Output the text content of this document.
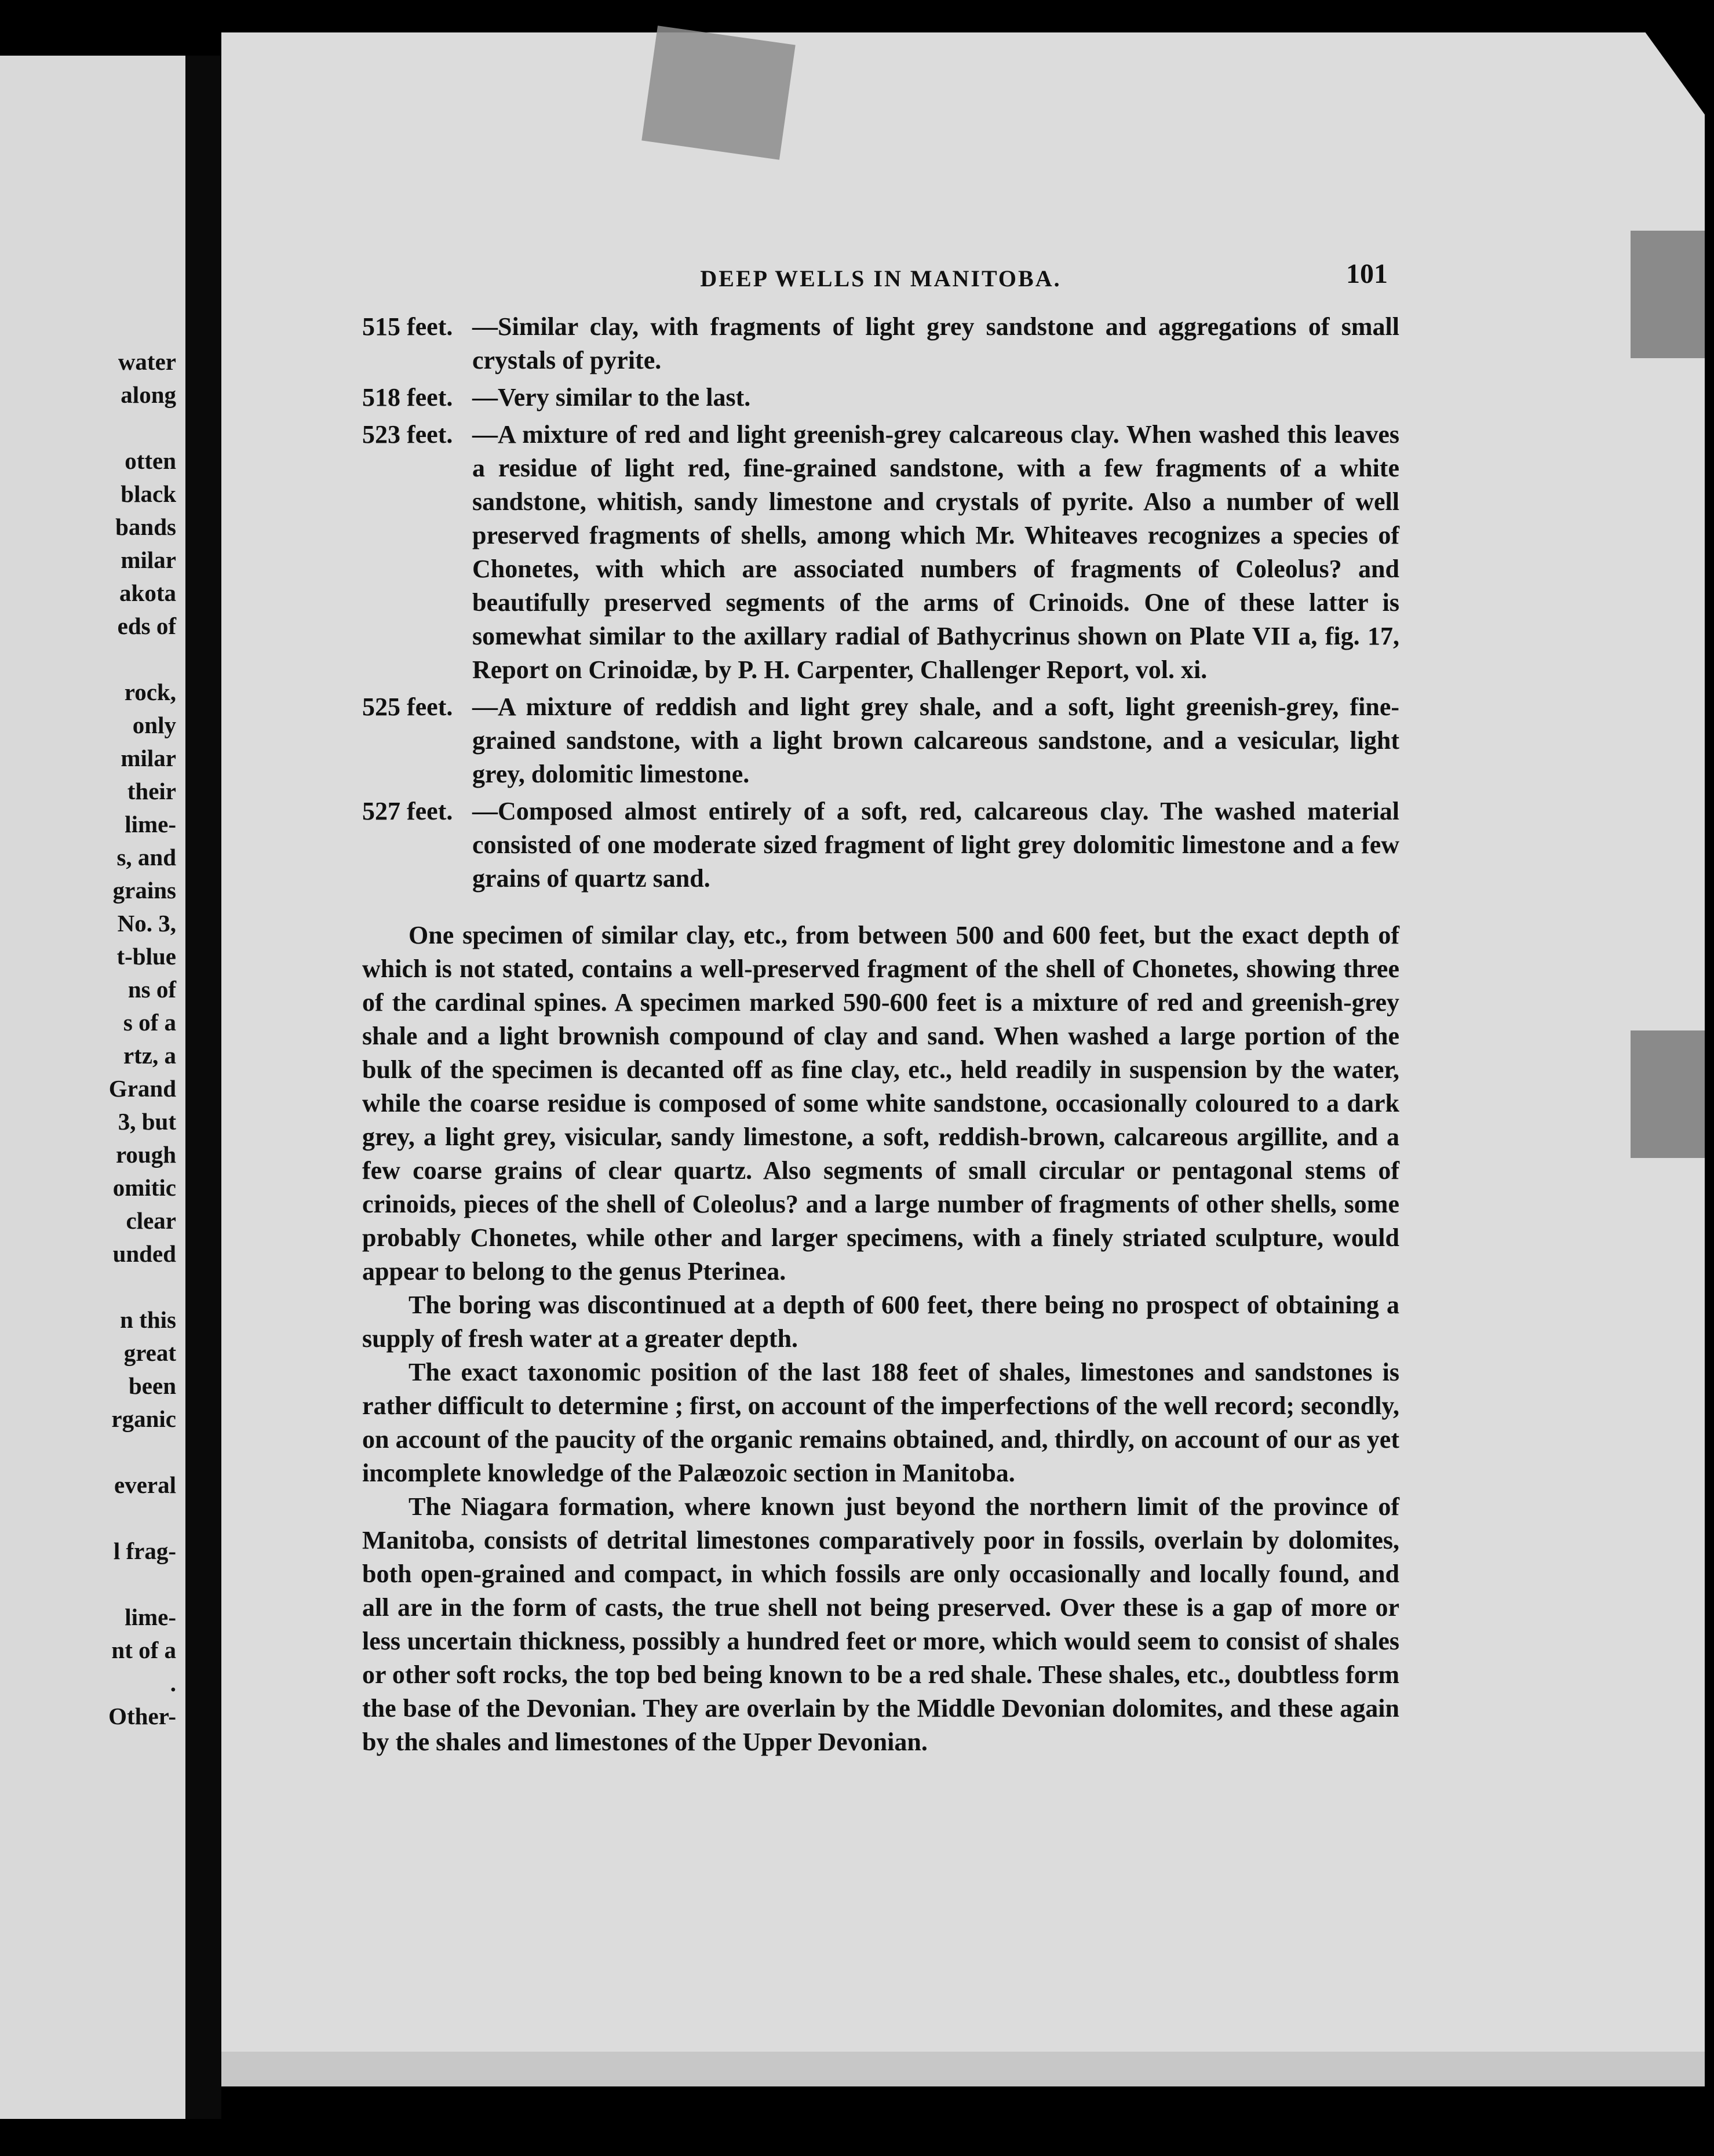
water
along
otten
black
bands
milar
akota
eds of
rock,
only
milar
their
lime-
s, and
grains
No. 3,
t-blue
ns of
s of a
rtz, a
Grand
3, but
rough
omitic
clear
unded
n this
great
been
rganic
everal
l frag-
lime-
nt of a
.
Other-
DEEP WELLS IN MANITOBA.	101
515 feet. —Similar clay, with fragments of light grey sandstone and aggregations of small crystals of pyrite.
518 feet. —Very similar to the last.
523 feet. —A mixture of red and light greenish-grey calcareous clay. When washed this leaves a residue of light red, fine-grained sandstone, with a few fragments of a white sandstone, whitish, sandy limestone and crystals of pyrite. Also a number of well preserved fragments of shells, among which Mr. Whiteaves recognizes a species of Chonetes, with which are associated numbers of fragments of Coleolus? and beautifully preserved segments of the arms of Crinoids. One of these latter is somewhat similar to the axillary radial of Bathycrinus shown on Plate VII a, fig. 17, Report on Crinoidæ, by P. H. Carpenter, Challenger Report, vol. xi.
525 feet. —A mixture of reddish and light grey shale, and a soft, light greenish-grey, fine-grained sandstone, with a light brown calcareous sandstone, and a vesicular, light grey, dolomitic limestone.
527 feet. —Composed almost entirely of a soft, red, calcareous clay. The washed material consisted of one moderate sized fragment of light grey dolomitic limestone and a few grains of quartz sand.

One specimen of similar clay, etc., from between 500 and 600 feet, but the exact depth of which is not stated, contains a well-preserved fragment of the shell of Chonetes, showing three of the cardinal spines. A specimen marked 590-600 feet is a mixture of red and greenish-grey shale and a light brownish compound of clay and sand. When washed a large portion of the bulk of the specimen is decanted off as fine clay, etc., held readily in suspension by the water, while the coarse residue is composed of some white sandstone, occasionally coloured to a dark grey, a light grey, visicular, sandy limestone, a soft, reddish-brown, calcareous argillite, and a few coarse grains of clear quartz. Also segments of small circular or pentagonal stems of crinoids, pieces of the shell of Coleolus? and a large number of fragments of other shells, some probably Chonetes, while other and larger specimens, with a finely striated sculpture, would appear to belong to the genus Pterinea.

The boring was discontinued at a depth of 600 feet, there being no prospect of obtaining a supply of fresh water at a greater depth.

The exact taxonomic position of the last 188 feet of shales, limestones and sandstones is rather difficult to determine ; first, on account of the imperfections of the well record; secondly, on account of the paucity of the organic remains obtained, and, thirdly, on account of our as yet incomplete knowledge of the Palæozoic section in Manitoba.

The Niagara formation, where known just beyond the northern limit of the province of Manitoba, consists of detrital limestones comparatively poor in fossils, overlain by dolomites, both open-grained and compact, in which fossils are only occasionally and locally found, and all are in the form of casts, the true shell not being preserved. Over these is a gap of more or less uncertain thickness, possibly a hundred feet or more, which would seem to consist of shales or other soft rocks, the top bed being known to be a red shale. These shales, etc., doubtless form the base of the Devonian. They are overlain by the Middle Devonian dolomites, and these again by the shales and limestones of the Upper Devonian.
